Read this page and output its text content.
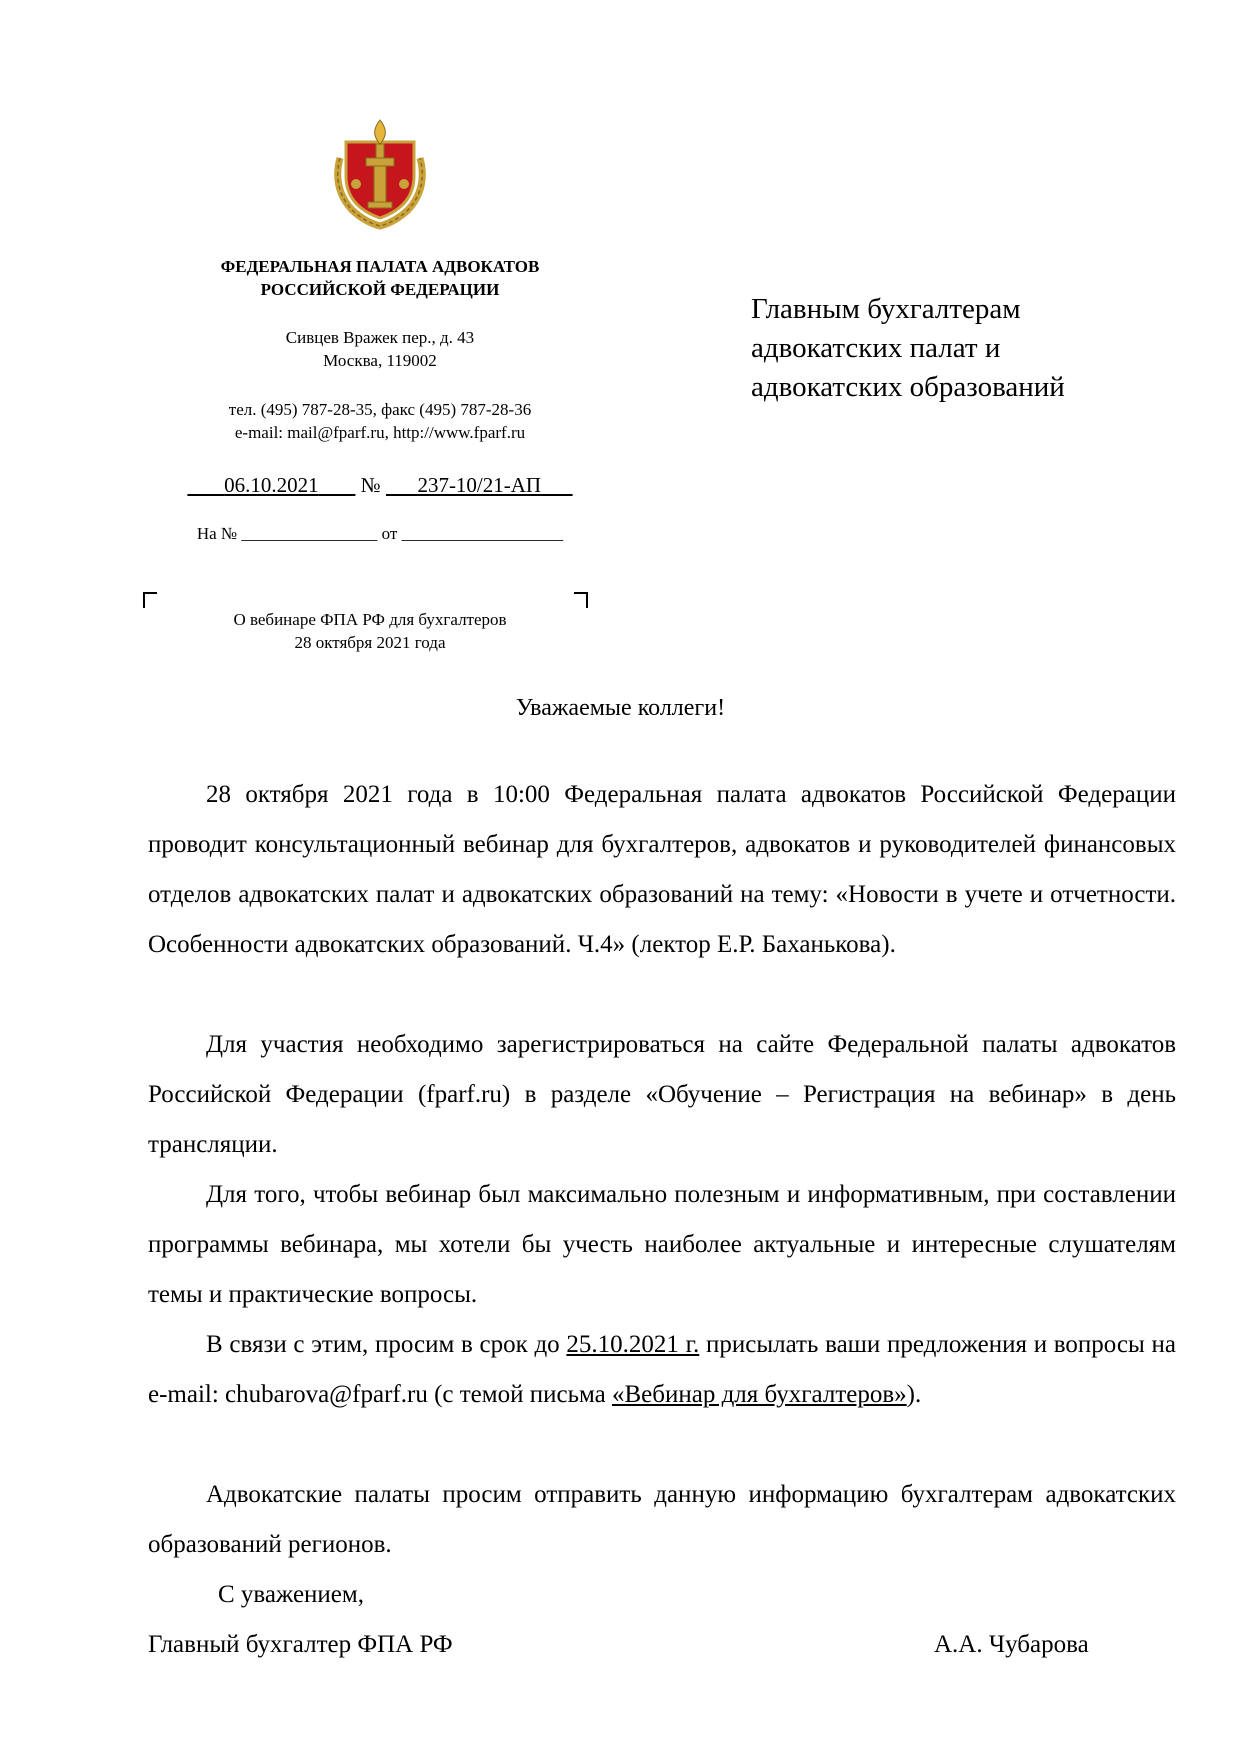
ФЕДЕРАЛЬНАЯ ПАЛАТА АДВОКАТОВ
РОССИЙСКОЙ ФЕДЕРАЦИИ
Сивцев Вражек пер., д. 43
Москва, 119002
тел. (495) 787-28-35, факс (495) 787-28-36
e-mail: mail@fparf.ru, http://www.fparf.ru
06.10.2021 № 237-10/21-АП
На № ________________ от ___________________
О вебинаре ФПА РФ для бухгалтеров
28 октября 2021 года
Главным бухгалтерам
адвокатских палат и
адвокатских образований
Уважаемые коллеги!
28 октября 2021 года в 10:00 Федеральная палата адвокатов Российской Федерации проводит консультационный вебинар для бухгалтеров, адвокатов и руководителей финансовых отделов адвокатских палат и адвокатских образований на тему: «Новости в учете и отчетности. Особенности адвокатских образований. Ч.4» (лектор Е.Р. Баханькова).
Для участия необходимо зарегистрироваться на сайте Федеральной палаты адвокатов Российской Федерации (fparf.ru) в разделе «Обучение – Регистрация на вебинар» в день трансляции.
Для того, чтобы вебинар был максимально полезным и информативным, при составлении программы вебинара, мы хотели бы учесть наиболее актуальные и интересные слушателям темы и практические вопросы.
В связи с этим, просим в срок до 25.10.2021 г. присылать ваши предложения и вопросы на e-mail: chubarova@fparf.ru (с темой письма «Вебинар для бухгалтеров»).
Адвокатские палаты просим отправить данную информацию бухгалтерам адвокатских образований регионов.
С уважением,
Главный бухгалтер ФПА РФ	А.А. Чубарова
